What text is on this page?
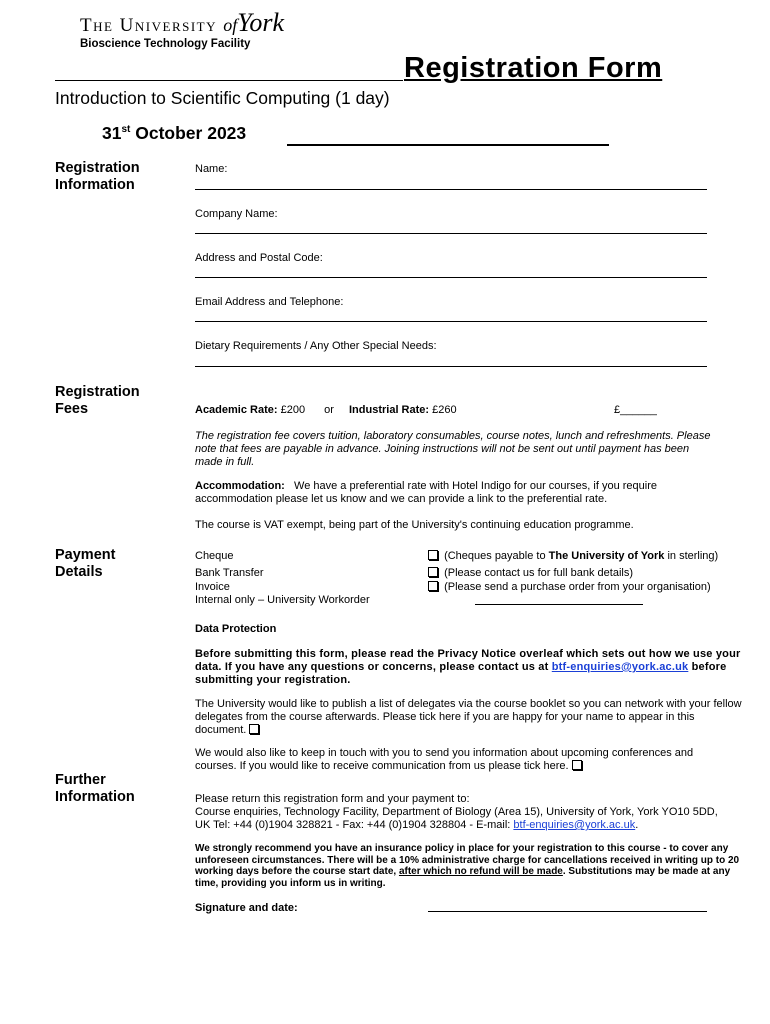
The University ofYork
Bioscience Technology Facility
Registration Form
Introduction to Scientific Computing (1 day)
31st October 2023
Registration Information
Name:
Company Name:
Address and Postal Code:
Email Address and Telephone:
Dietary Requirements / Any Other Special Needs:
Registration Fees	Academic Rate: £200 or Industrial Rate: £260	£______
The registration fee covers tuition, laboratory consumables, course notes, lunch and refreshments. Please note that fees are payable in advance. Joining instructions will not be sent out until payment has been made in full.
Accommodation: We have a preferential rate with Hotel Indigo for our courses, if you require accommodation please let us know and we can provide a link to the preferential rate.
The course is VAT exempt, being part of the University's continuing education programme.
Payment Details
Cheque	(Cheques payable to The University of York in sterling)
Bank Transfer	(Please contact us for full bank details)
Invoice	(Please send a purchase order from your organisation)
Internal only – University Workorder
Data Protection
Before submitting this form, please read the Privacy Notice overleaf which sets out how we use your data. If you have any questions or concerns, please contact us at btf-enquiries@york.ac.uk before submitting your registration.
The University would like to publish a list of delegates via the course booklet so you can network with your fellow delegates from the course afterwards. Please tick here if you are happy for your name to appear in this document.
We would also like to keep in touch with you to send you information about upcoming conferences and courses. If you would like to receive communication from us please tick here.
Further Information	Please return this registration form and your payment to:
Course enquiries, Technology Facility, Department of Biology (Area 15), University of York, York YO10 5DD, UK Tel: +44 (0)1904 328821 - Fax: +44 (0)1904 328804 - E-mail: btf-enquiries@york.ac.uk.
We strongly recommend you have an insurance policy in place for your registration to this course - to cover any unforeseen circumstances. There will be a 10% administrative charge for cancellations received in writing up to 20 working days before the course start date, after which no refund will be made. Substitutions may be made at any time, providing you inform us in writing.
Signature and date:
